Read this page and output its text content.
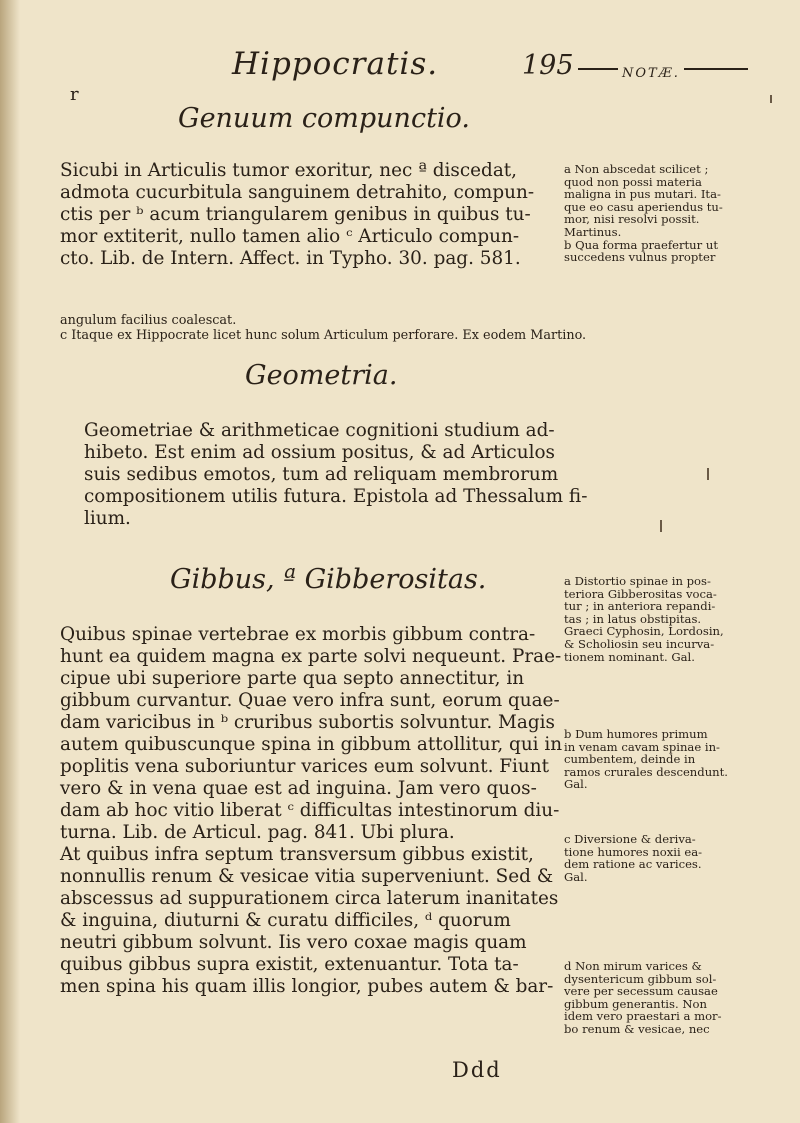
Hippocratis.	195	NOTÆ.
r
Genuum compunctio.
Sicubi in Articulis tumor exoritur, nec ª discedat,
admota cucurbitula sanguinem detrahito, compun-
ctis per ᵇ acum triangularem genibus in quibus tu-
mor extiterit, nullo tamen alio ᶜ Articulo compun-
cto. Lib. de Intern. Affect. in Typho. 30. pag. 581.
a Non abscedat scilicet ;
quod non possi materia
maligna in pus mutari. Ita-
que eo casu aperiendus tu-
mor, nisi resolvi possit.
Martinus.
b Qua forma praefertur ut
succedens vulnus propter
angulum facilius coalescat.
c Itaque ex Hippocrate licet hunc solum Articulum perforare. Ex eodem Martino.
Geometria.
Geometriae & arithmeticae cognitioni studium ad-
hibeto. Est enim ad ossium positus, & ad Articulos
suis sedibus emotos, tum ad reliquam membrorum
compositionem utilis futura. Epistola ad Thessalum fi-
lium.
Gibbus, ª Gibberositas.
Quibus spinae vertebrae ex morbis gibbum contra-
hunt ea quidem magna ex parte solvi nequeunt. Prae-
cipue ubi superiore parte qua septo annectitur, in
gibbum curvantur. Quae vero infra sunt, eorum quae-
dam varicibus in ᵇ cruribus subortis solvuntur. Magis
autem quibuscunque spina in gibbum attollitur, qui in
poplitis vena suboriuntur varices eum solvunt. Fiunt
vero & in vena quae est ad inguina. Jam vero quos-
dam ab hoc vitio liberat ᶜ difficultas intestinorum diu-
turna. Lib. de Articul. pag. 841. Ubi plura.
At quibus infra septum transversum gibbus existit,
nonnullis renum & vesicae vitia superveniunt. Sed &
abscessus ad suppurationem circa laterum inanitates
& inguina, diuturni & curatu difficiles, ᵈ quorum
neutri gibbum solvunt. Iis vero coxae magis quam
quibus gibbus supra existit, extenuantur. Tota ta-
men spina his quam illis longior, pubes autem & bar-
a Distortio spinae in pos-
teriora Gibberositas voca-
tur ; in anteriora repandi-
tas ; in latus obstipitas.
Graeci Cyphosin, Lordosin,
& Scholiosin seu incurva-
tionem nominant. Gal.
b Dum humores primum
in venam cavam spinae in-
cumbentem, deinde in
ramos crurales descendunt.
Gal.
c Diversione & deriva-
tione humores noxii ea-
dem ratione ac varices.
Gal.
d Non mirum varices &
dysentericum gibbum sol-
vere per secessum causae
gibbum generantis. Non
idem vero praestari a mor-
bo renum & vesicae, nec
Ddd
